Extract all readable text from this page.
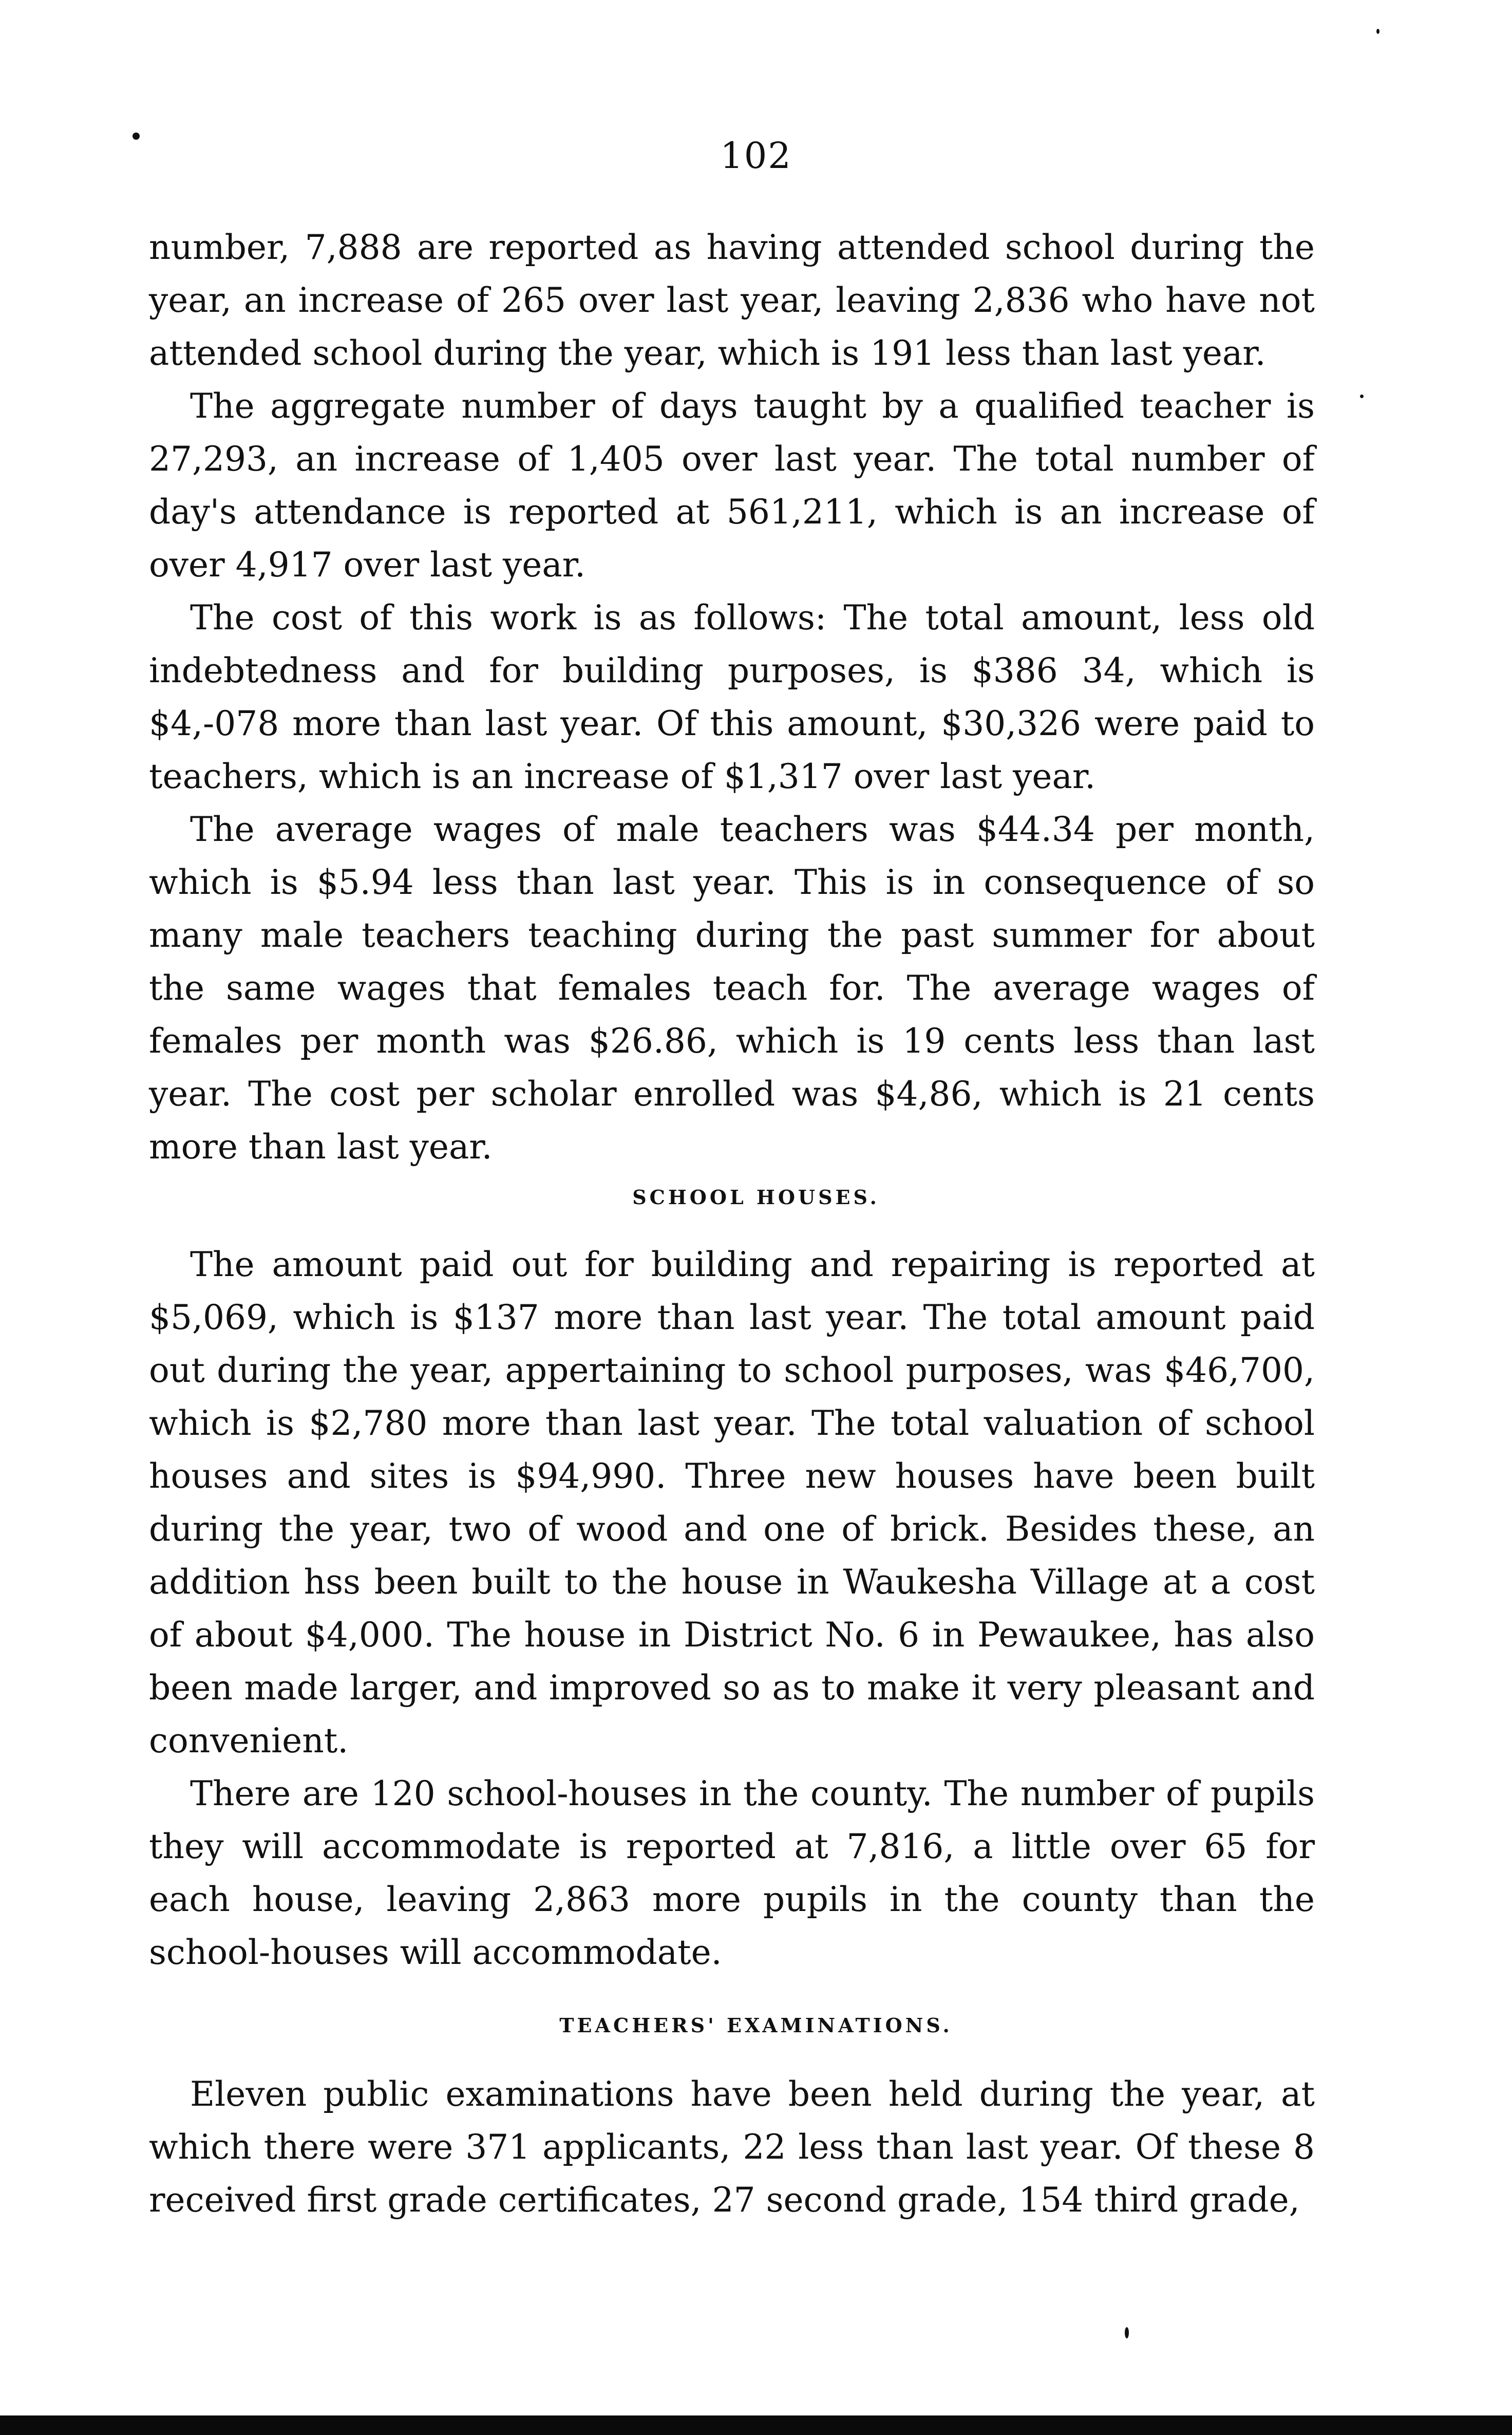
102

number, 7,888 are reported as having attended school during the year, an increase of 265 over last year, leaving 2,836 who have not attended school during the year, which is 191 less than last year.

The aggregate number of days taught by a qualified teacher is 27,293, an increase of 1,405 over last year. The total number of day's attendance is reported at 561,211, which is an increase of over 4,917 over last year.

The cost of this work is as follows: The total amount, less old indebtedness and for building purposes, is $386 34, which is $4,-078 more than last year. Of this amount, $30,326 were paid to teachers, which is an increase of $1,317 over last year.

The average wages of male teachers was $44.34 per month, which is $5.94 less than last year. This is in consequence of so many male teachers teaching during the past summer for about the same wages that females teach for. The average wages of females per month was $26.86, which is 19 cents less than last year. The cost per scholar enrolled was $4,86, which is 21 cents more than last year.

SCHOOL HOUSES.

The amount paid out for building and repairing is reported at $5,069, which is $137 more than last year. The total amount paid out during the year, appertaining to school purposes, was $46,700, which is $2,780 more than last year. The total valuation of school houses and sites is $94,990. Three new houses have been built during the year, two of wood and one of brick. Besides these, an addition hss been built to the house in Waukesha Village at a cost of about $4,000. The house in District No. 6 in Pewaukee, has also been made larger, and improved so as to make it very pleasant and convenient.

There are 120 school-houses in the county. The number of pupils they will accommodate is reported at 7,816, a little over 65 for each house, leaving 2,863 more pupils in the county than the school-houses will accommodate.

TEACHERS' EXAMINATIONS.

Eleven public examinations have been held during the year, at which there were 371 applicants, 22 less than last year. Of these 8 received first grade certificates, 27 second grade, 154 third grade,
